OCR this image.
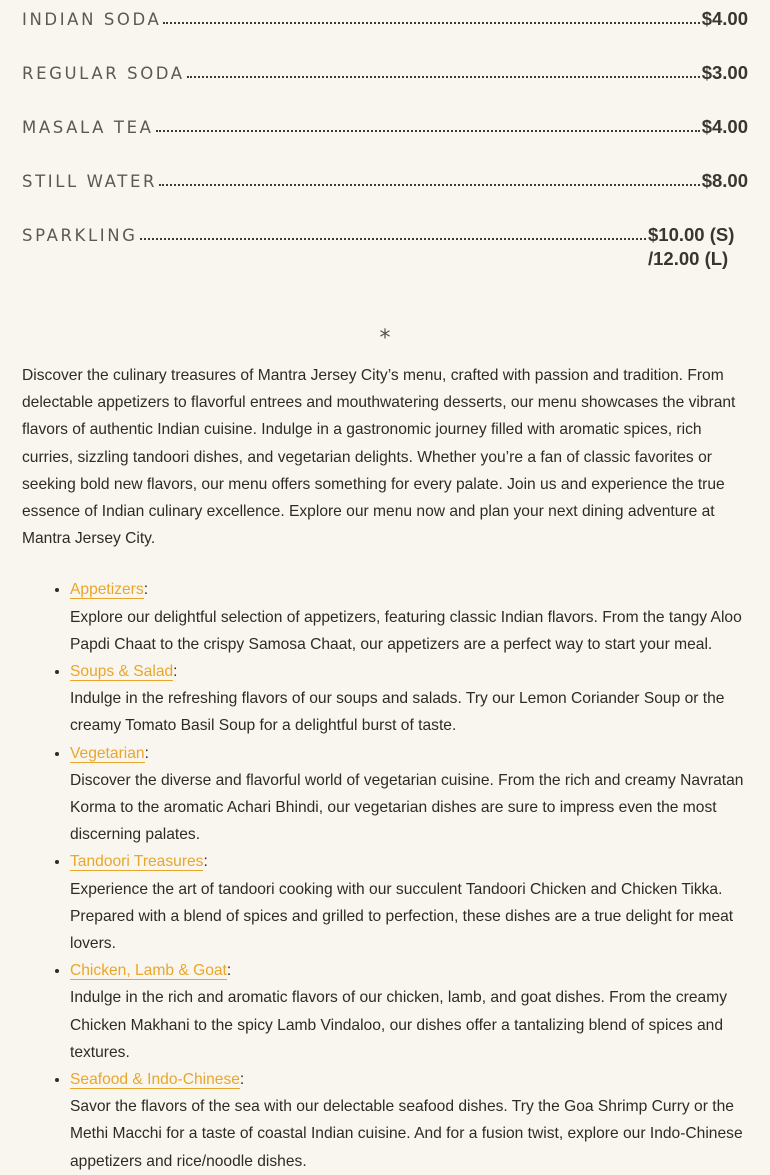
INDIAN SODA	$4.00
REGULAR SODA	$3.00
MASALA TEA	$4.00
STILL WATER	$8.00
SPARKLING	$10.00 (S) /12.00 (L)
*

Discover the culinary treasures of Mantra Jersey City’s menu, crafted with passion and tradition. From delectable appetizers to flavorful entrees and mouthwatering desserts, our menu showcases the vibrant flavors of authentic Indian cuisine. Indulge in a gastronomic journey filled with aromatic spices, rich curries, sizzling tandoori dishes, and vegetarian delights. Whether you’re a fan of classic favorites or seeking bold new flavors, our menu offers something for every palate. Join us and experience the true essence of Indian culinary excellence. Explore our menu now and plan your next dining adventure at Mantra Jersey City.

• Appetizers:
Explore our delightful selection of appetizers, featuring classic Indian flavors. From the tangy Aloo Papdi Chaat to the crispy Samosa Chaat, our appetizers are a perfect way to start your meal.
• Soups & Salad:
Indulge in the refreshing flavors of our soups and salads. Try our Lemon Coriander Soup or the creamy Tomato Basil Soup for a delightful burst of taste.
• Vegetarian:
Discover the diverse and flavorful world of vegetarian cuisine. From the rich and creamy Navratan Korma to the aromatic Achari Bhindi, our vegetarian dishes are sure to impress even the most discerning palates.
• Tandoori Treasures:
Experience the art of tandoori cooking with our succulent Tandoori Chicken and Chicken Tikka. Prepared with a blend of spices and grilled to perfection, these dishes are a true delight for meat lovers.
• Chicken, Lamb & Goat:
Indulge in the rich and aromatic flavors of our chicken, lamb, and goat dishes. From the creamy Chicken Makhani to the spicy Lamb Vindaloo, our dishes offer a tantalizing blend of spices and textures.
• Seafood & Indo-Chinese:
Savor the flavors of the sea with our delectable seafood dishes. Try the Goa Shrimp Curry or the Methi Macchi for a taste of coastal Indian cuisine. And for a fusion twist, explore our Indo-Chinese appetizers and rice/noodle dishes.
